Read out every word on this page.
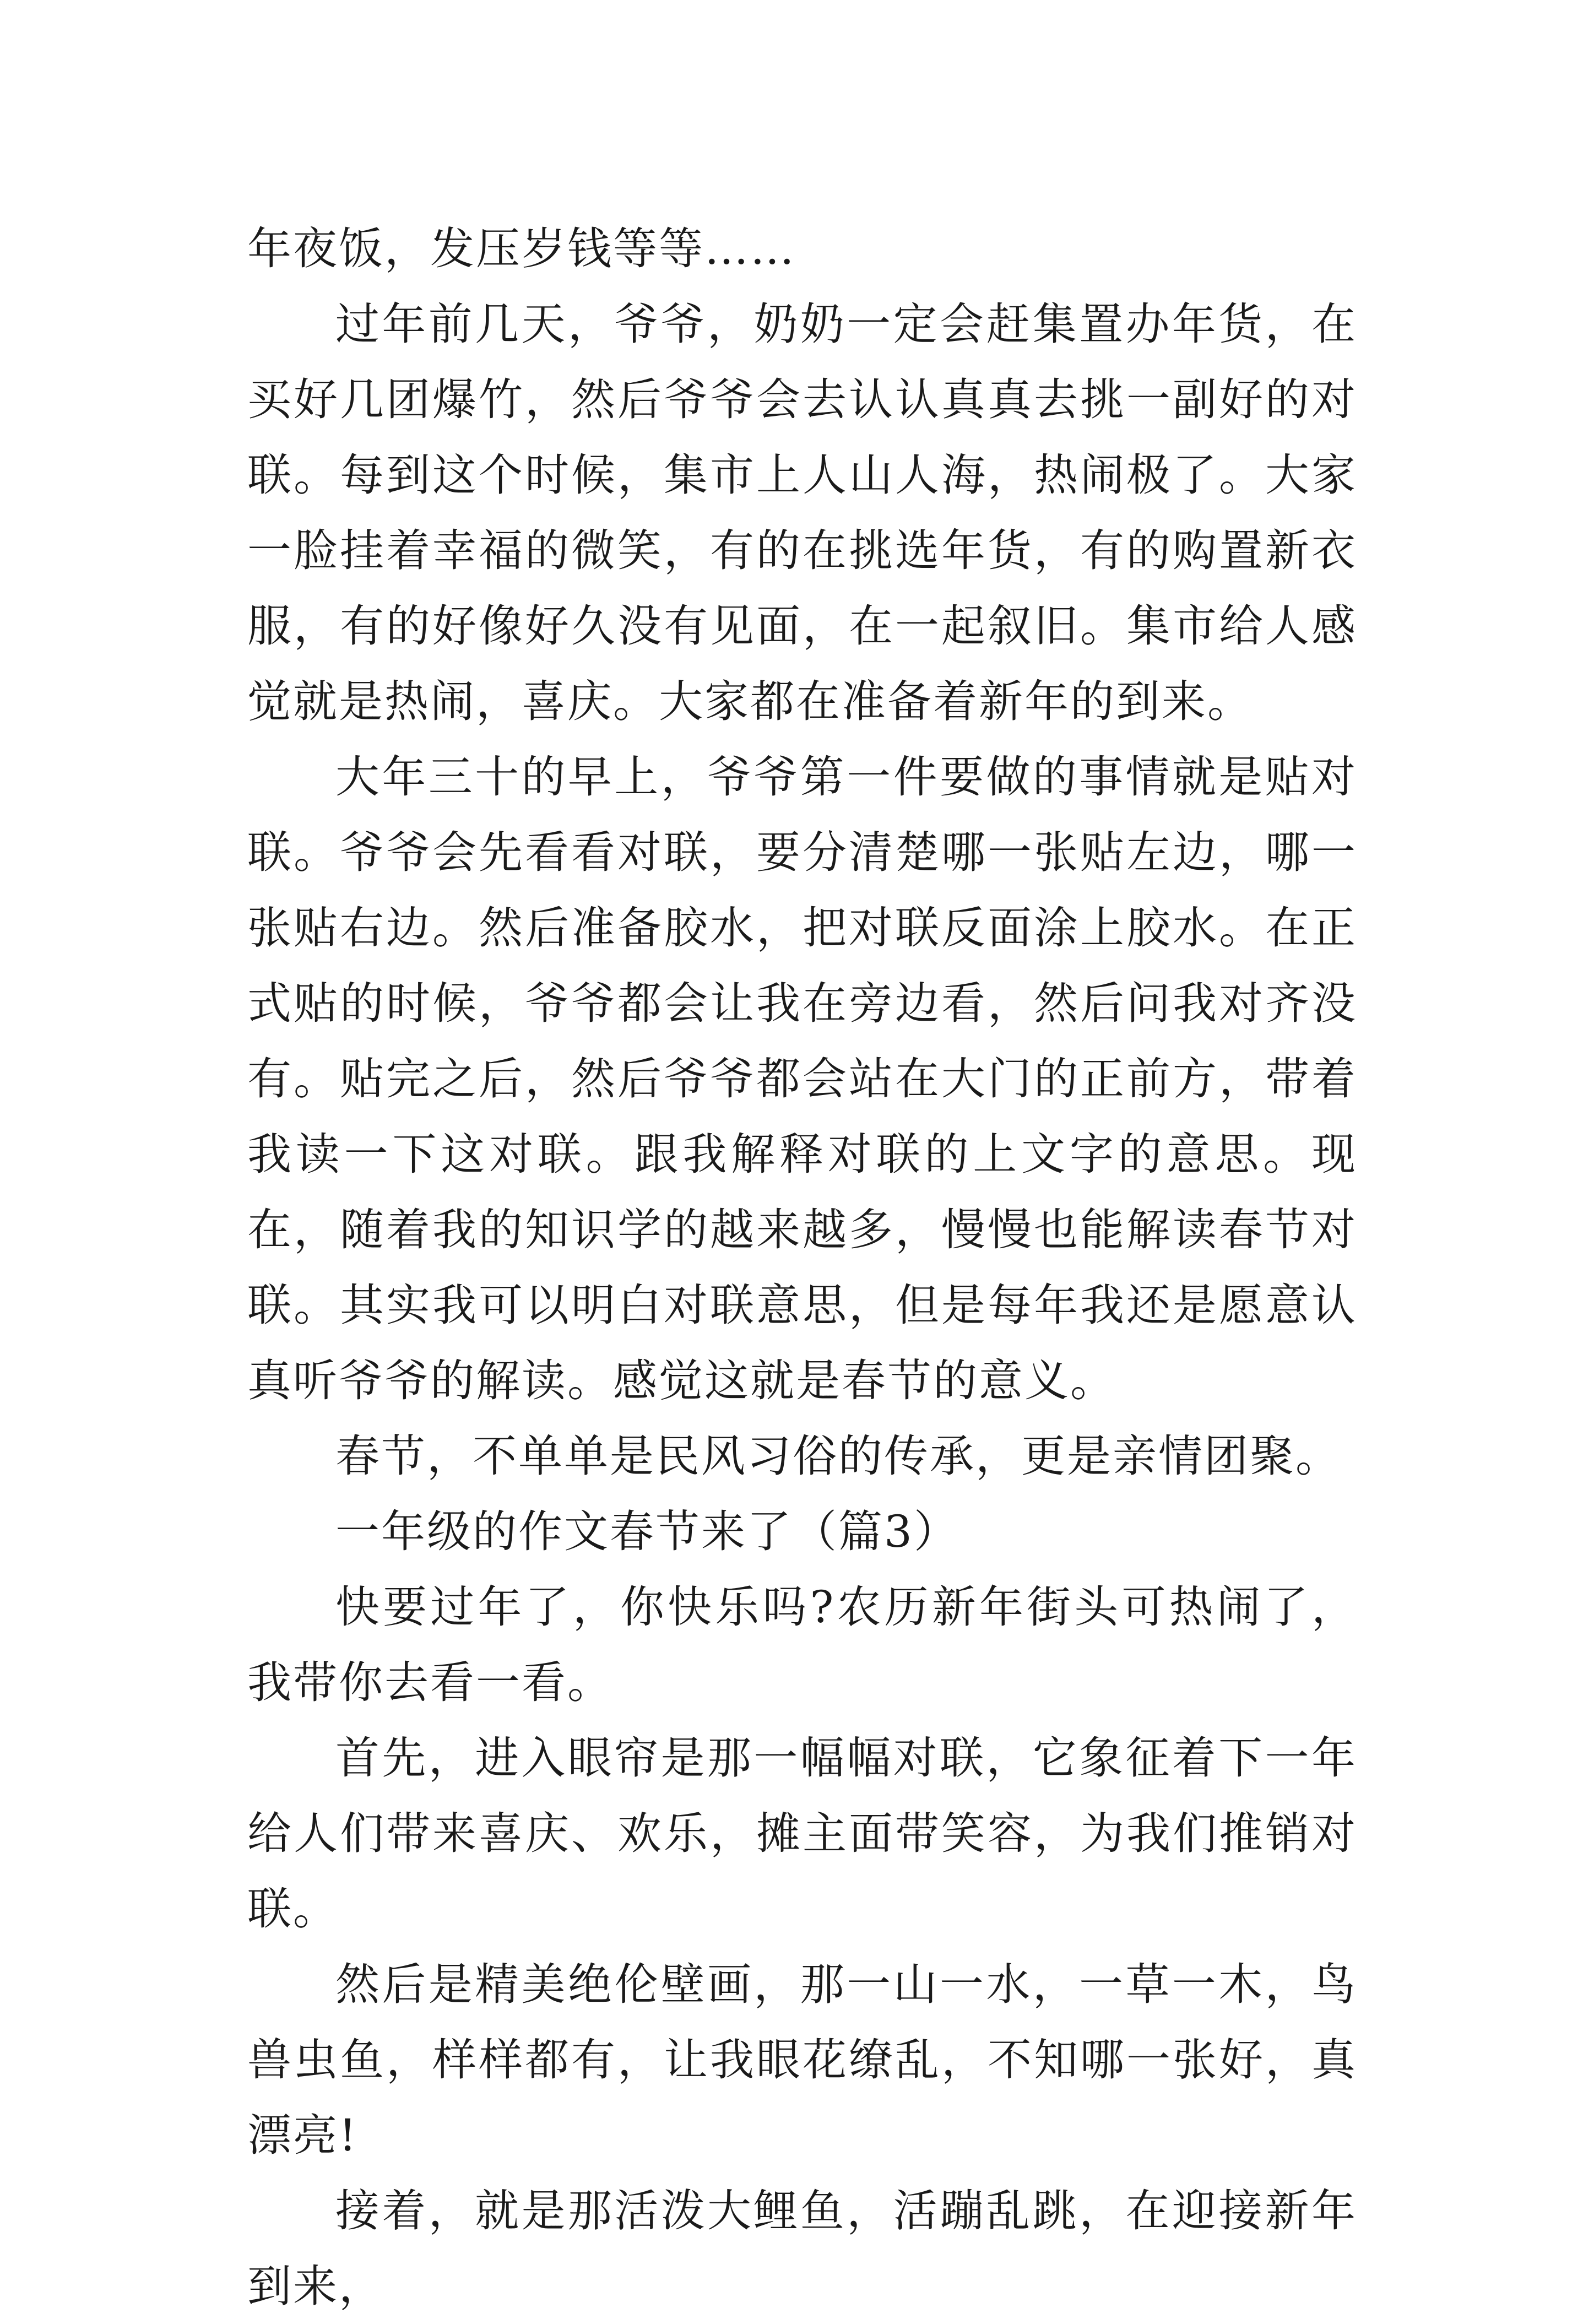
年夜饭，发压岁钱等等……

过年前几天，爷爷，奶奶一定会赶集置办年货，在买好几团爆竹，然后爷爷会去认认真真去挑一副好的对联。每到这个时候，集市上人山人海，热闹极了。大家一脸挂着幸福的微笑，有的在挑选年货，有的购置新衣服，有的好像好久没有见面，在一起叙旧。集市给人感觉就是热闹，喜庆。大家都在准备着新年的到来。

大年三十的早上，爷爷第一件要做的事情就是贴对联。爷爷会先看看对联，要分清楚哪一张贴左边，哪一张贴右边。然后准备胶水，把对联反面涂上胶水。在正式贴的时候，爷爷都会让我在旁边看，然后问我对齐没有。贴完之后，然后爷爷都会站在大门的正前方，带着我读一下这对联。跟我解释对联的上文字的意思。现在，随着我的知识学的越来越多，慢慢也能解读春节对联。其实我可以明白对联意思，但是每年我还是愿意认真听爷爷的解读。感觉这就是春节的意义。

春节，不单单是民风习俗的传承，更是亲情团聚。

一年级的作文春节来了（篇3）

快要过年了，你快乐吗?农历新年街头可热闹了，我带你去看一看。

首先，进入眼帘是那一幅幅对联，它象征着下一年给人们带来喜庆、欢乐，摊主面带笑容，为我们推销对联。

然后是精美绝伦壁画，那一山一水，一草一木，鸟兽虫鱼，样样都有，让我眼花缭乱，不知哪一张好，真漂亮!

接着，就是那活泼大鲤鱼，活蹦乱跳，在迎接新年到来，
